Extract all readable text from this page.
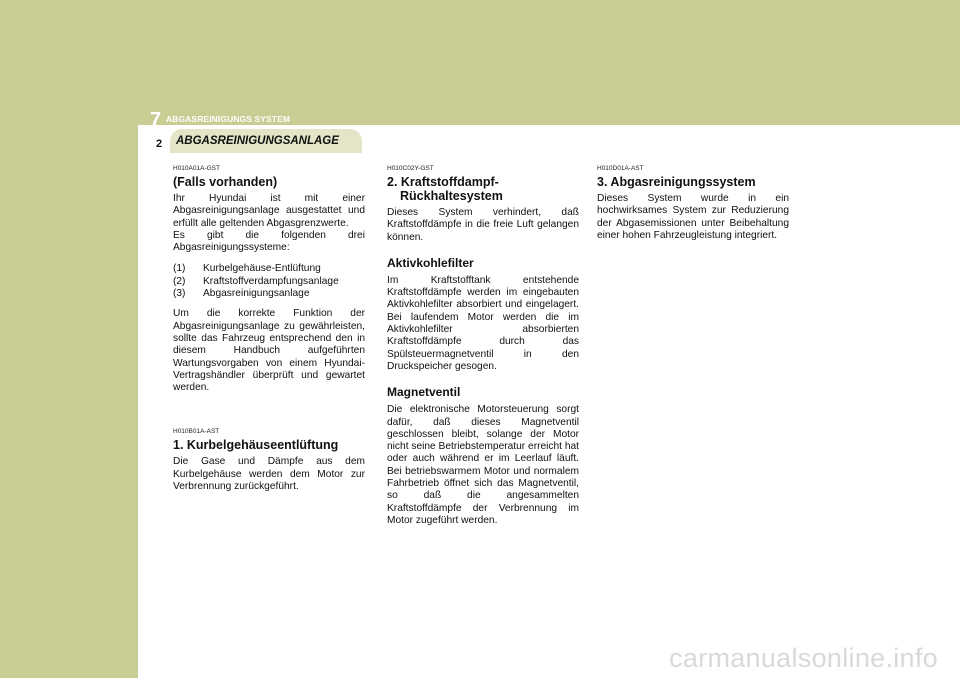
7 ABGASREINIGUNGS SYSTEM
2	ABGASREINIGUNGSANLAGE
H010A01A-GST
(Falls vorhanden)

Ihr Hyundai ist mit einer Abgasreinigungsanlage ausgestattet und erfüllt alle geltenden Abgasgrenzwerte.

Es gibt die folgenden drei Abgasreinigungssysteme:

(1)	Kurbelgehäuse-Entlüftung
(2)	Kraftstoffverdampfungsanlage
(3)	Abgasreinigungsanlage

Um die korrekte Funktion der Abgasreinigungsanlage zu gewährleisten, sollte das Fahrzeug entsprechend den in diesem Handbuch aufgeführten Wartungsvorgaben von einem Hyundai-Vertragshändler überprüft und gewartet werden.

H010B01A-AST
1. Kurbelgehäuseentlüftung

Die Gase und Dämpfe aus dem Kurbelgehäuse werden dem Motor zur Verbrennung zurückgeführt.

H010C02Y-GST
2. Kraftstoffdampf-Rückhaltesystem

Dieses System verhindert, daß Kraftstoffdämpfe in die freie Luft gelangen können.

Aktivkohlefilter

Im Kraftstofftank entstehende Kraftstoffdämpfe werden im eingebauten Aktivkohlefilter absorbiert und eingelagert. Bei laufendem Motor werden die im Aktivkohlefilter absorbierten Kraftstoffdämpfe durch das Spülsteuermagnetventil in den Druckspeicher gesogen.

Magnetventil

Die elektronische Motorsteuerung sorgt dafür, daß dieses Magnetventil geschlossen bleibt, solange der Motor nicht seine Betriebstemperatur erreicht hat oder auch während er im Leerlauf läuft. Bei betriebswarmem Motor und normalem Fahrbetrieb öffnet sich das Magnetventil, so daß die angesammelten Kraftstoffdämpfe der Verbrennung im Motor zugeführt werden.

H010D01A-AST
3. Abgasreinigungssystem

Dieses System wurde in ein hochwirksames System zur Reduzierung der Abgasemissionen unter Beibehaltung einer hohen Fahrzeugleistung integriert.

carmanualsonline.info
